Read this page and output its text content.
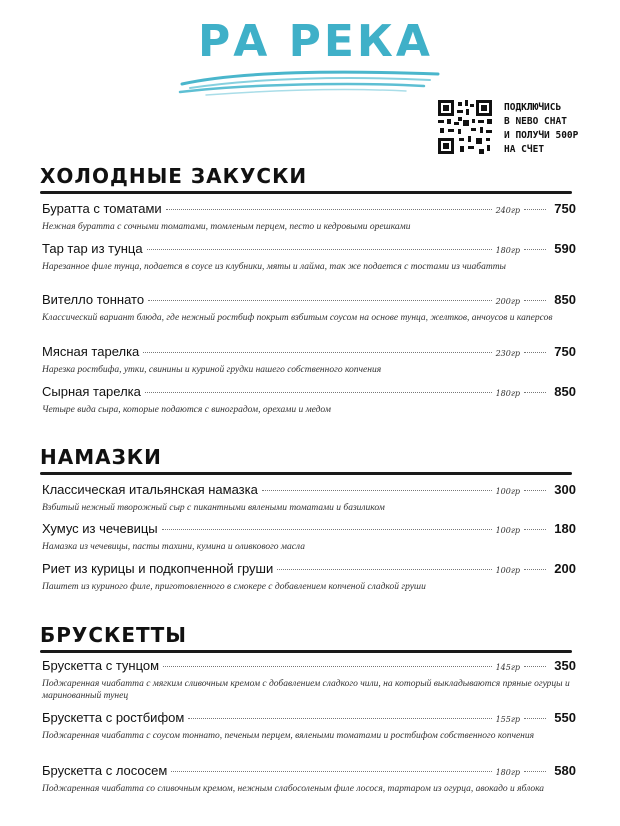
РА РЕКА
ПОДКЛЮЧИСЬ
В NEBO CHAT
И ПОЛУЧИ 500Р
НА СЧЕТ
ХОЛОДНЫЕ ЗАКУСКИ
Буратта с томатами	240гр	750
Нежная буратта с сочными томатами, томленым перцем, песто и кедровыми орешками
Тар тар из тунца	180гр	590
Нарезанное филе тунца, подается в соусе из клубники, мяты и лайма, так же подается с тостами из чиабатты
Вителло тоннато	200гр	850
Классический вариант блюда, где нежный ростбиф покрыт взбитым соусом на основе тунца, желтков, анчоусов и каперсов
Мясная тарелка	230гр	750
Нарезка ростбифа, утки, свинины и куриной грудки нашего собственного копчения
Сырная тарелка	180гр	850
Четыре вида сыра, которые подаются с виноградом, орехами и медом
НАМАЗКИ
Классическая итальянская намазка	100гр	300
Взбитый нежный творожный сыр с пикантными вялеными томатами и базиликом
Хумус из чечевицы	100гр	180
Намазка из чечевицы, пасты тахини, кумина и оливкового масла
Риет из курицы и подкопченной груши	100гр	200
Паштет из куриного филе, приготовленного в смокере с добавлением копченой сладкой груши
БРУСКЕТТЫ
Брускетта с тунцом	145гр	350
Поджаренная чиабатта с мягким сливочным кремом с добавлением сладкого чили, на который выкладываются пряные огурцы и маринованный тунец
Брускетта с ростбифом	155гр	550
Поджаренная чиабатта с соусом тоннато, печеным перцем, вялеными томатами и ростбифом собственного копчения
Брускетта с лососем	180гр	580
Поджаренная чиабатта со сливочным кремом, нежным слабосоленым филе лосося, тартаром из огурца, авокадо и яблока
